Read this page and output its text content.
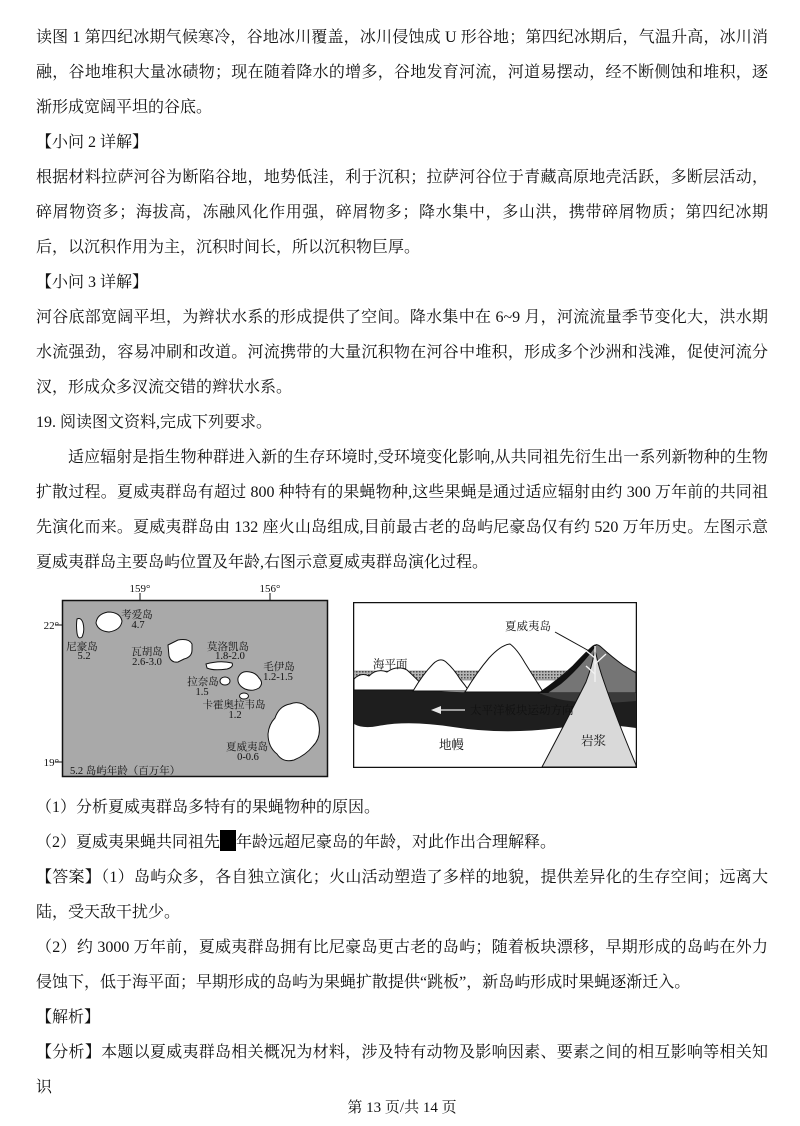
读图 1 第四纪冰期气候寒冷，谷地冰川覆盖，冰川侵蚀成 U 形谷地；第四纪冰期后，气温升高，冰川消融，谷地堆积大量冰碛物；现在随着降水的增多，谷地发育河流，河道易摆动，经不断侧蚀和堆积，逐渐形成宽阔平坦的谷底。

【小问 2 详解】

根据材料拉萨河谷为断陷谷地，地势低洼，利于沉积；拉萨河谷位于青藏高原地壳活跃，多断层活动，碎屑物资多；海拔高，冻融风化作用强，碎屑物多；降水集中，多山洪，携带碎屑物质；第四纪冰期后，以沉积作用为主，沉积时间长，所以沉积物巨厚。

【小问 3 详解】

河谷底部宽阔平坦，为辫状水系的形成提供了空间。降水集中在 6~9 月，河流流量季节变化大，洪水期水流强劲，容易冲刷和改道。河流携带的大量沉积物在河谷中堆积，形成多个沙洲和浅滩，促使河流分汊，形成众多汊流交错的辫状水系。

19. 阅读图文资料,完成下列要求。

适应辐射是指生物种群进入新的生存环境时,受环境变化影响,从共同祖先衍生出一系列新物种的生物扩散过程。夏威夷群岛有超过 800 种特有的果蝇物种,这些果蝇是通过适应辐射由约 300 万年前的共同祖先演化而来。夏威夷群岛由 132 座火山岛组成,目前最古老的岛屿尼豪岛仅有约 520 万年历史。左图示意夏威夷群岛主要岛屿位置及年龄,右图示意夏威夷群岛演化过程。

159°	156°
22°
19°
考爱岛
4.7
尼豪岛
5.2	瓦胡岛
2.6-3.0
莫洛凯岛
1.8-2.0
拉奈岛
1.5
毛伊岛
1.2-1.5
卡霍奥拉韦岛
1.2
夏威夷岛
0-0.6
5.2 岛屿年龄（百万年）
夏威夷岛
海平面
太平洋板块运动方向
地幔	岩浆

（1）分析夏威夷群岛多特有的果蝇物种的原因。

（2）夏威夷果蝇共同祖先 年龄远超尼豪岛的年龄，对此作出合理解释。

【答案】（1）岛屿众多，各自独立演化；火山活动塑造了多样的地貌，提供差异化的生存空间；远离大陆，受天敌干扰少。

（2）约 3000 万年前，夏威夷群岛拥有比尼豪岛更古老的岛屿；随着板块漂移，早期形成的岛屿在外力侵蚀下，低于海平面；早期形成的岛屿为果蝇扩散提供“跳板”，新岛屿形成时果蝇逐渐迁入。

【解析】

【分析】本题以夏威夷群岛相关概况为材料，涉及特有动物及影响因素、要素之间的相互影响等相关知识

第 13 页/共 14 页
